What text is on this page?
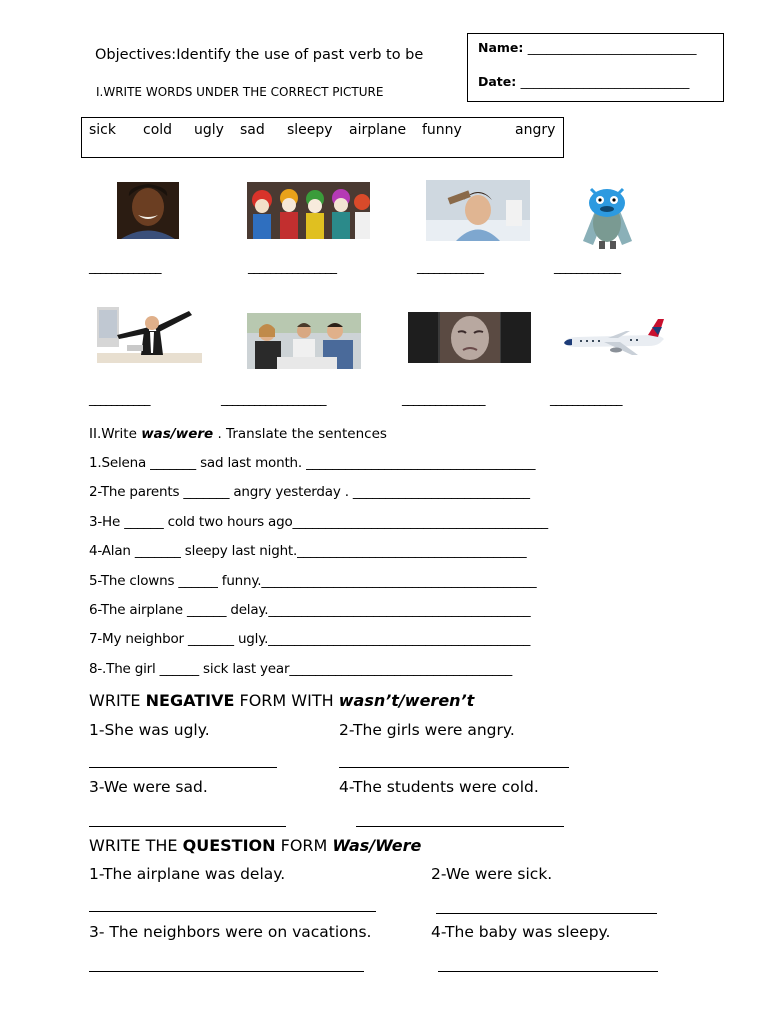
Objectives:Identify the use of past verb to be
I.WRITE WORDS UNDER THE CORRECT PICTURE
Name: ___________________________
Date: ___________________________
sick cold ugly sad sleepy airplane funny	angry
_____________	________________	____________	____________
___________	___________________	_______________	_____________
II.Write was/were . Translate the sentences
1.Selena _______ sad last month. ___________________________________
2-The parents _______ angry yesterday . ___________________________
3-He ______ cold two hours ago_______________________________________
4-Alan _______ sleepy last night.___________________________________
5-The clowns ______ funny.__________________________________________
6-The airplane ______ delay.________________________________________
7-My neighbor _______ ugly.________________________________________
8-.The girl ______ sick last year__________________________________
WRITE NEGATIVE FORM WITH wasn’t/weren’t
1-She was ugly.	2-The girls were angry.
3-We were sad.	4-The students were cold.
WRITE THE QUESTION FORM Was/Were
1-The airplane was delay.	2-We were sick.
3- The neighbors were on vacations.	4-The baby was sleepy.
